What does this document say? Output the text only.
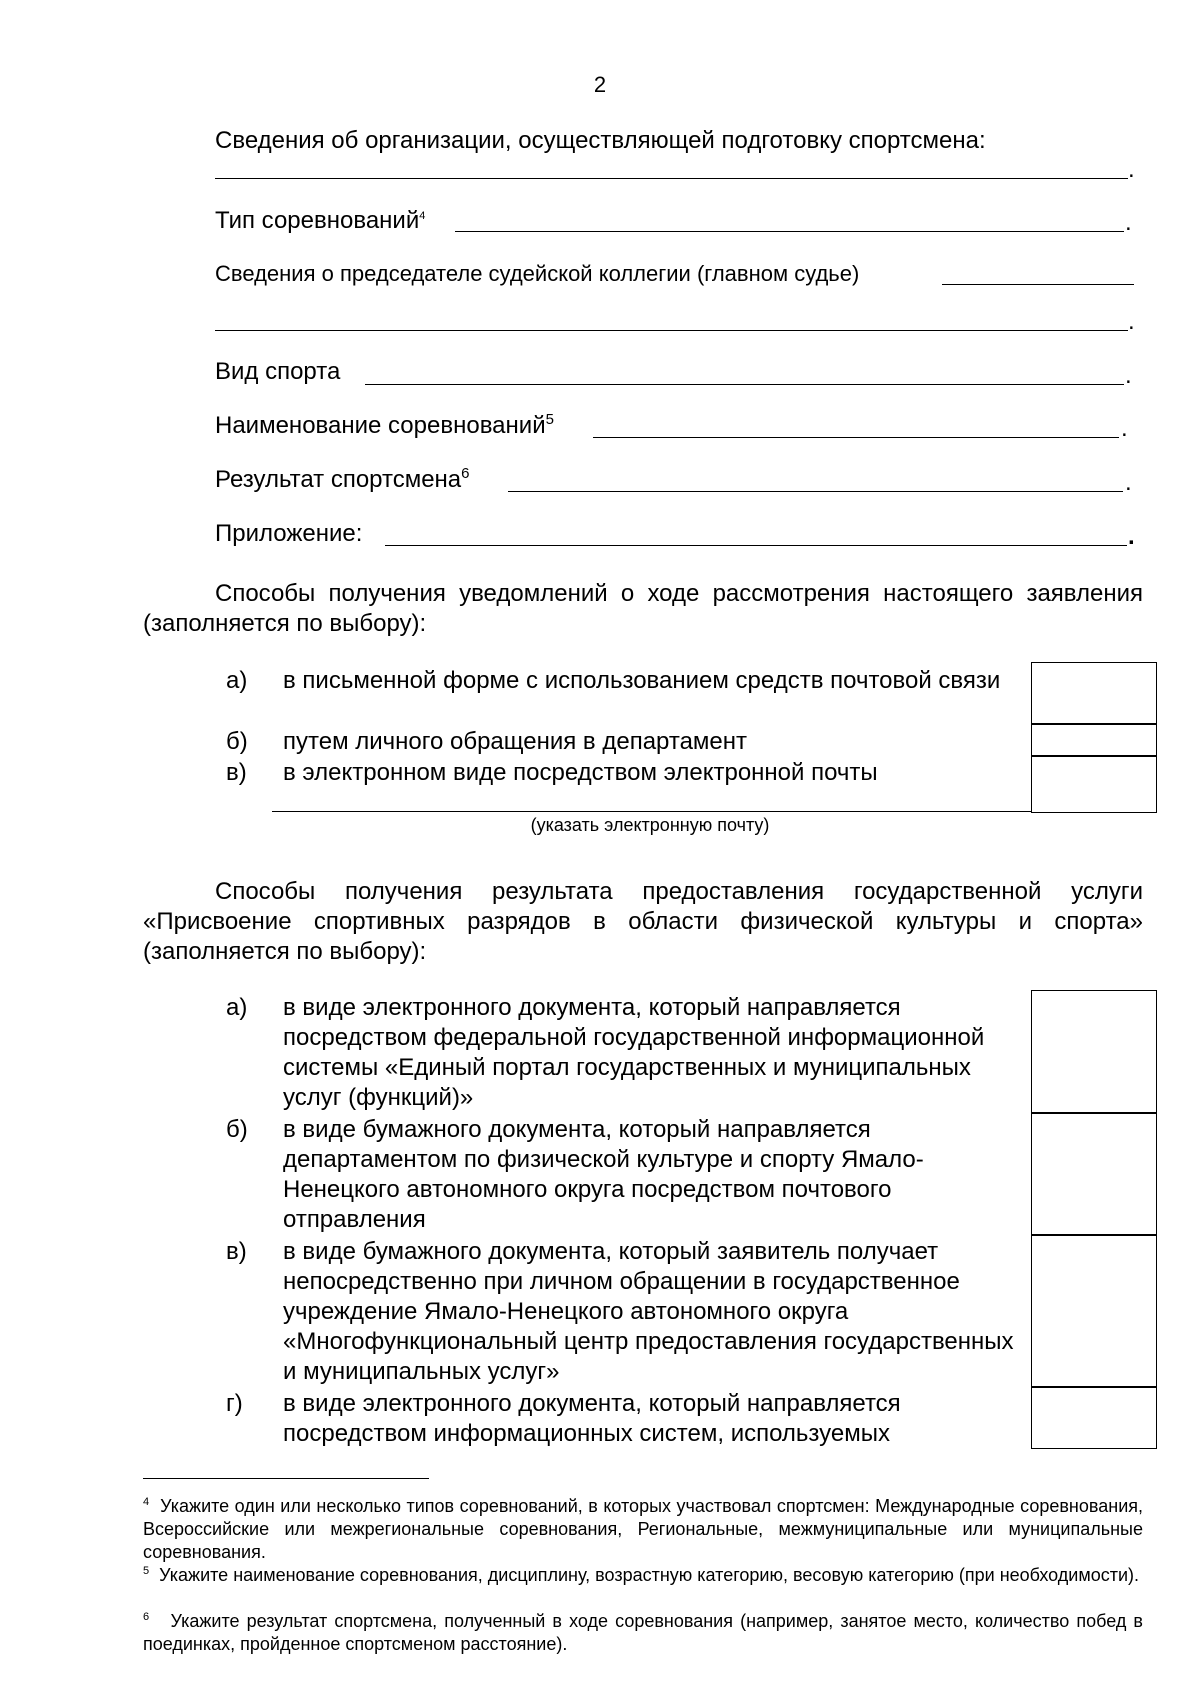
2
Сведения об организации, осуществляющей подготовку спортсмена:
.
Тип соревнований$^4$	.
Сведения о председателе судейской коллегии (главном судье)
.
Вид спорта	.
Наименование соревнований$^5$	.
Результат спортсмена$^6$	.
Приложение:	.
Способы получения уведомлений о ходе рассмотрения настоящего заявления (заполняется по выбору):
а) в письменной форме с использованием средств почтовой связи
б) путем личного обращения в департамент
в) в электронном виде посредством электронной почты
(указать электронную почту)
Способы получения результата предоставления государственной услуги «Присвоение спортивных разрядов в области физической культуры и спорта» (заполняется по выбору):
а) в виде электронного документа, который направляется посредством федеральной государственной информационной системы «Единый портал государственных и муниципальных услуг (функций)»
б) в виде бумажного документа, который направляется департаментом по физической культуре и спорту Ямало-Ненецкого автономного округа посредством почтового отправления
в) в виде бумажного документа, который заявитель получает непосредственно при личном обращении в государственное учреждение Ямало-Ненецкого автономного округа «Многофункциональный центр предоставления государственных и муниципальных услуг»
г) в виде электронного документа, который направляется посредством информационных систем, используемых
$^4$ Укажите один или несколько типов соревнований, в которых участвовал спортсмен: Международные соревнования, Всероссийские или межрегиональные соревнования, Региональные, межмуниципальные или муниципальные соревнования.
$^5$ Укажите наименование соревнования, дисциплину, возрастную категорию, весовую категорию (при необходимости).
$^6$ Укажите результат спортсмена, полученный в ходе соревнования (например, занятое место, количество побед в поединках, пройденное спортсменом расстояние).
